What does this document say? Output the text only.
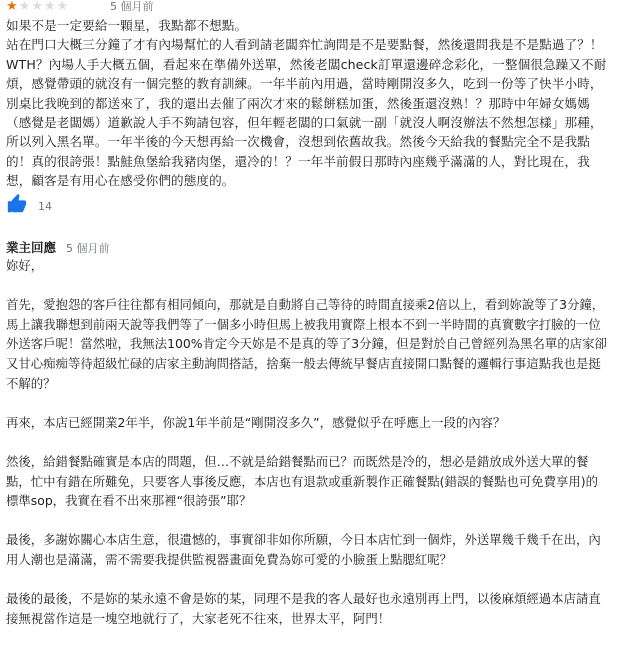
★ ★ ★ ★ ★	5 個月前

如果不是一定要給一顆星，我點都不想點。
站在門口大概三分鐘了才有內場幫忙的人看到請老闆弈忙詢問是不是要點餐，然後還問我是不是點過了？！WTH？內場人手大概五個，看起來在準備外送單，然後老闆check訂單還邊碎念彩化，一整個很急躁又不耐煩，感覺帶頭的就沒有一個完整的教育訓練。一年半前內用過，當時剛開沒多久，吃到一份等了快半小時，別桌比我晚到的都送來了，我的還出去催了兩次才來的鬆餅糕加蛋，然後蛋還沒熟！？那時中年婦女媽媽（感覺是老闆媽）道歉說人手不夠請包容，但年輕老闆的口氣就一副「就沒人啊沒辦法不然想怎樣」那種，所以列入黑名單。一年半後的今天想再給一次機會，沒想到依舊故我。然後今天給我的餐點完全不是我點的！真的很誇張！點鮭魚堡給我豬肉堡，還冷的！？一年半前假日那時內座幾乎滿滿的人，對比現在，我想，顧客是有用心在感受你們的態度的。

14
業主回應 5 個月前

妳好，

首先，愛抱怨的客戶往往都有相同傾向，那就是自動將自己等待的時間直接乘2倍以上，看到妳說等了3分鐘，馬上讓我聯想到前兩天說等我們等了一個多小時但馬上被我用實際上根本不到一半時間的真實數字打臉的一位外送客戶呢！當然啦，我無法100%肯定今天妳是不是真的等了3分鐘，但是對於自己曾經列為黑名單的店家卻又甘心痴痴等待超級忙碌的店家主動詢問搭話，捨棄一般去傳統早餐店直接開口點餐的邏輯行事這點我也是挺不解的？

再來，本店已經開業2年半，你說1年半前是“剛開沒多久”，感覺似乎在呼應上一段的內容？

然後，給錯餐點確實是本店的問題，但…不就是給錯餐點而已？而既然是冷的，想必是錯放成外送大單的餐點，忙中有錯在所難免，只要客人事後反應，本店也有退款或重新製作正確餐點(錯誤的餐點也可免費享用)的標準sop，我實在看不出來那裡“很誇張”耶？

最後，多謝妳關心本店生意，很遺憾的，事實卻非如你所願，今日本店忙到一個炸，外送單幾千幾千在出，內用人潮也是滿滿，需不需要我提供監視器畫面免費為妳可愛的小臉蛋上點腮紅呢？

最後的最後，不是妳的某永遠不會是妳的某，同理不是我的客人最好也永遠別再上門，以後麻煩經過本店請直接無視當作這是一塊空地就行了，大家老死不往來，世界太平，阿門！
